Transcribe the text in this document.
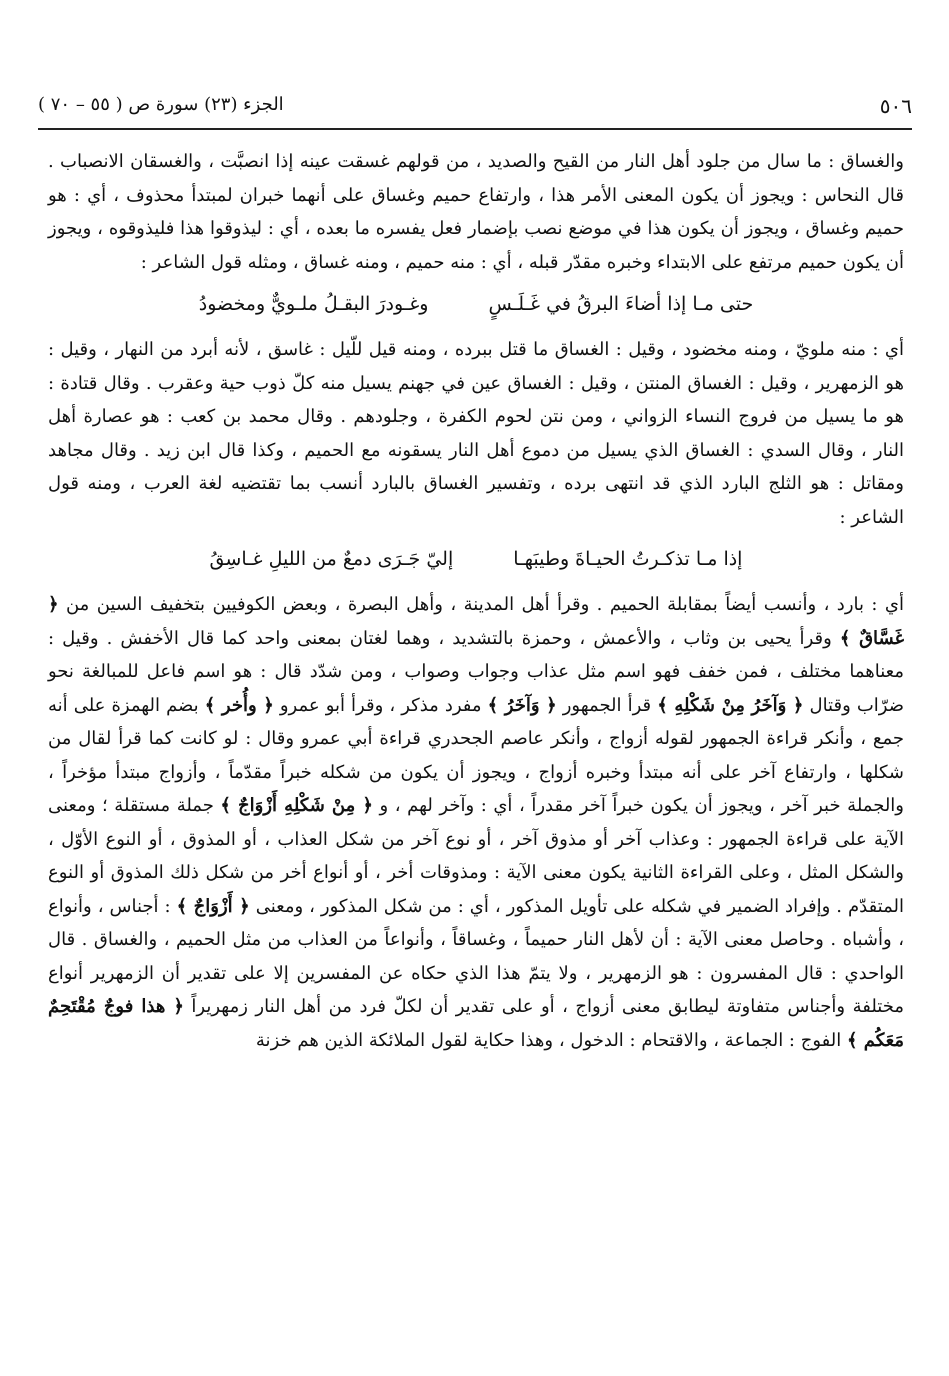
٥٠٦
الجزء (٢٣) سورة ص ( ٥٥ – ٧٠ )

والغساق : ما سال من جلود أهل النار من القيح والصديد ، من قولهم غسقت عينه إذا انصبَّت ، والغسقان الانصباب . قال النحاس : ويجوز أن يكون المعنى الأمر هذا ، وارتفاع حميم وغساق على أنهما خبران لمبتدأ محذوف ، أي : هو حميم وغساق ، ويجوز أن يكون هذا في موضع نصب بإضمار فعل يفسره ما بعده ، أي : ليذوقوا هذا فليذوقوه ، ويجوز أن يكون حميم مرتفع على الابتداء وخبره مقدّر قبله ، أي : منه حميم ، ومنه غساق ، ومثله قول الشاعر :

حتى مـا إذا أضاءَ البرقُ في غَـلَـسٍ
وغـودرَ البقـلُ ملـويٌّ ومخضودُ

أي : منه ملويّ ، ومنه مخضود ، وقيل : الغساق ما قتل ببرده ، ومنه قيل للّيل : غاسق ، لأنه أبرد من النهار ، وقيل : هو الزمهرير ، وقيل : الغساق المنتن ، وقيل : الغساق عين في جهنم يسيل منه كلّ ذوب حية وعقرب . وقال قتادة : هو ما يسيل من فروج النساء الزواني ، ومن نتن لحوم الكفرة ، وجلودهم . وقال محمد بن كعب : هو عصارة أهل النار ، وقال السدي : الغساق الذي يسيل من دموع أهل النار يسقونه مع الحميم ، وكذا قال ابن زيد . وقال مجاهد ومقاتل : هو الثلج البارد الذي قد انتهى برده ، وتفسير الغساق بالبارد أنسب بما تقتضيه لغة العرب ، ومنه قول الشاعر :

إذا مـا تذكـرتُ الحيـاةَ وطيبَهـا
إليّ جَـرَى دمعٌ من الليلِ غـاسِقُ

أي : بارد ، وأنسب أيضاً بمقابلة الحميم . وقرأ أهل المدينة ، وأهل البصرة ، وبعض الكوفيين بتخفيف السين من ﴿ غَسَّاقٌ ﴾ وقرأ يحيى بن وثاب ، والأعمش ، وحمزة بالتشديد ، وهما لغتان بمعنى واحد كما قال الأخفش . وقيل : معناهما مختلف ، فمن خفف فهو اسم مثل عذاب وجواب وصواب ، ومن شدّد قال : هو اسم فاعل للمبالغة نحو ضرّاب وقتال ﴿ وَآخَرُ مِنْ شَكْلِهِ ﴾ قرأ الجمهور ﴿ وَآخَرُ ﴾ مفرد مذكر ، وقرأ أبو عمرو ﴿ وأُخر ﴾ بضم الهمزة على أنه جمع ، وأنكر قراءة الجمهور لقوله أزواج ، وأنكر عاصم الجحدري قراءة أبي عمرو وقال : لو كانت كما قرأ لقال من شكلها ، وارتفاع آخر على أنه مبتدأ وخبره أزواج ، ويجوز أن يكون من شكله خبراً مقدّماً ، وأزواج مبتدأ مؤخراً ، والجملة خبر آخر ، ويجوز أن يكون خبراً آخر مقدراً ، أي : وآخر لهم ، و ﴿ مِنْ شَكْلِهِ أَزْوَاجٌ ﴾ جملة مستقلة ؛ ومعنى الآية على قراءة الجمهور : وعذاب آخر أو مذوق آخر ، أو نوع آخر من شكل العذاب ، أو المذوق ، أو النوع الأوّل ، والشكل المثل ، وعلى القراءة الثانية يكون معنى الآية : ومذوقات أخر ، أو أنواع أخر من شكل ذلك المذوق أو النوع المتقدّم . وإفراد الضمير في شكله على تأويل المذكور ، أي : من شكل المذكور ، ومعنى ﴿ أَزْوَاجٌ ﴾ : أجناس ، وأنواع ، وأشباه . وحاصل معنى الآية : أن لأهل النار حميماً ، وغساقاً ، وأنواعاً من العذاب من مثل الحميم ، والغساق . قال الواحدي : قال المفسرون : هو الزمهرير ، ولا يتمّ هذا الذي حكاه عن المفسرين إلا على تقدير أن الزمهرير أنواع مختلفة وأجناس متفاوتة ليطابق معنى أزواج ، أو على تقدير أن لكلّ فرد من أهل النار زمهريراً ﴿ هذا فوجٌ مُقْتَحِمٌ مَعَكُم ﴾ الفوج : الجماعة ، والاقتحام : الدخول ، وهذا حكاية لقول الملائكة الذين هم خزنة
